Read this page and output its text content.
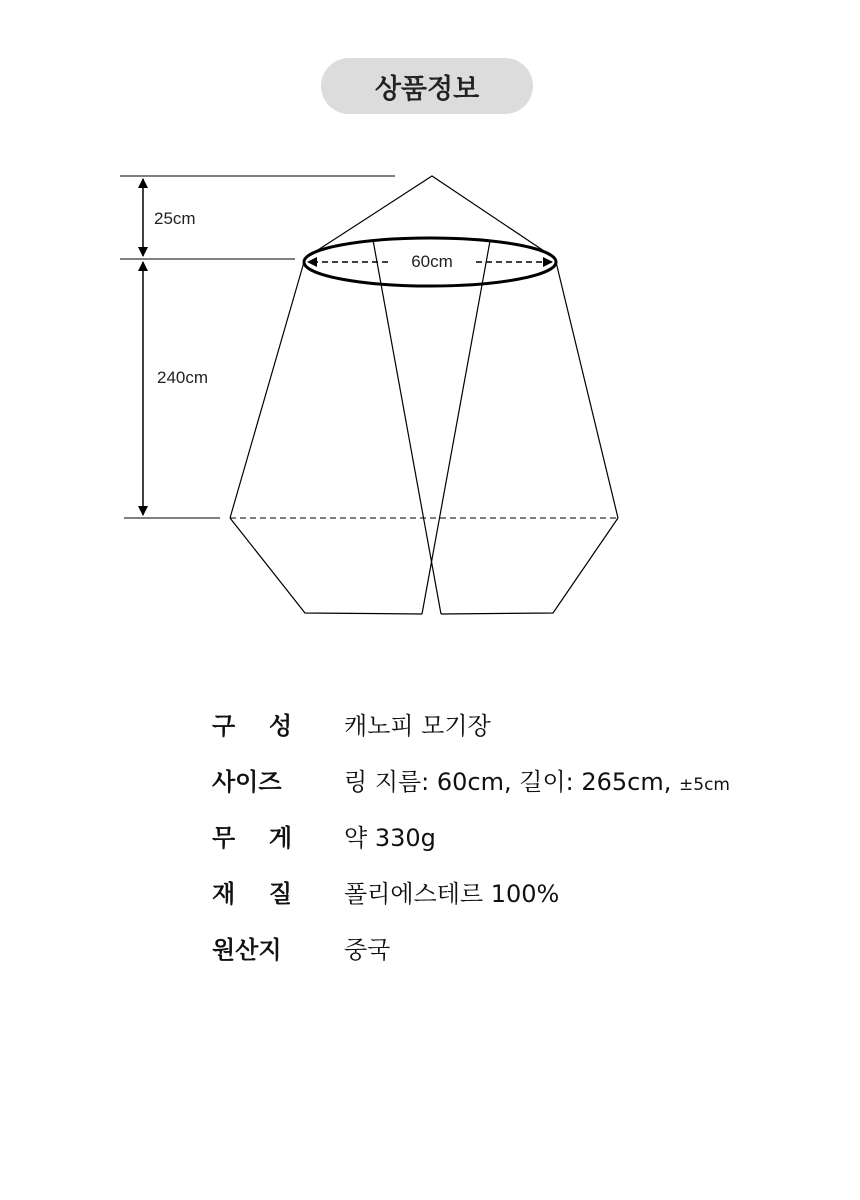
상품정보
25cm
240cm
60cm
구 성 캐노피 모기장
사이즈	링 지름: 60cm, 길이: 265cm, ±5cm
무 게 약 330g
재 질 폴리에스테르 100%
원산지	중국
